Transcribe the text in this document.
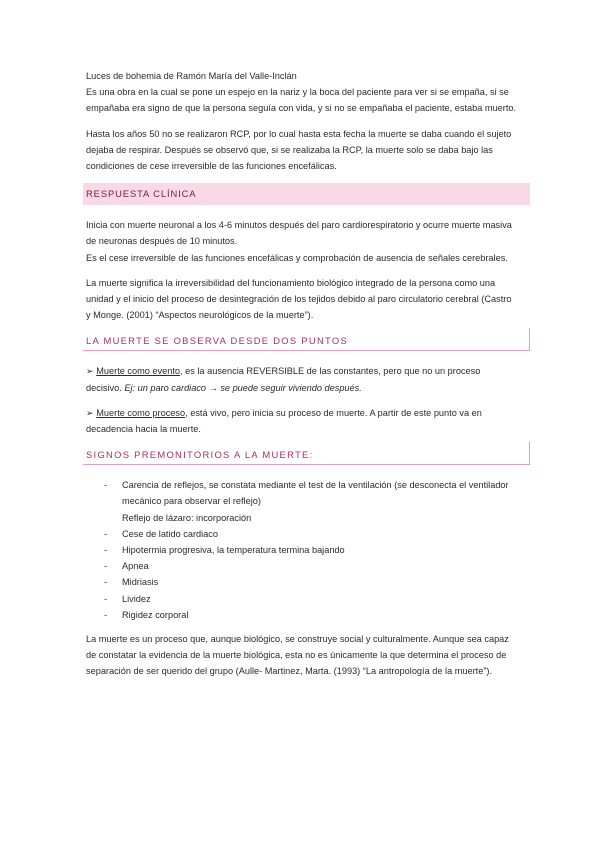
Luces de bohemia de Ramón María del Valle-Inclán

Es una obra en la cual se pone un espejo en la nariz y la boca del paciente para ver si se empaña, si se empañaba era signo de que la persona seguía con vida, y si no se empañaba el paciente, estaba muerto.

Hasta los años 50 no se realizaron RCP, por lo cual hasta esta fecha la muerte se daba cuando el sujeto dejaba de respirar. Después se observó que, si se realizaba la RCP, la muerte solo se daba bajo las condiciones de cese irreversible de las funciones encefálicas.

RESPUESTA CLÍNICA

Inicia con muerte neuronal a los 4-6 minutos después del paro cardiorespiratorio y ocurre muerte masiva de neuronas después de 10 minutos.

Es el cese irreversible de las funciones encefálicas y comprobación de ausencia de señales cerebrales.

La muerte significa la irreversibilidad del funcionamiento biológico integrado de la persona como una unidad y el inicio del proceso de desintegración de los tejidos debido al paro circulatorio cerebral (Castro y Monge. (2001) “Aspectos neurológicos de la muerte”).

LA MUERTE SE OBSERVA DESDE DOS PUNTOS

➢ Muerte como evento, es la ausencia REVERSIBLE de las constantes, pero que no un proceso decisivo. Ej: un paro cardiaco → se puede seguir viviendo después.

➢ Muerte como proceso, está vivo, pero inicia su proceso de muerte. A partir de este punto va en decadencia hacia la muerte.

SIGNOS PREMONITORIOS A LA MUERTE:
- Carencia de reflejos, se constata mediante el test de la ventilación (se desconecta el ventilador mecánico para observar el reflejo)
Reflejo de lázaro: incorporación
- Cese de latido cardiaco
- Hipotermia progresiva, la temperatura termina bajando
- Apnea
- Midriasis
- Lividez
- Rigidez corporal

La muerte es un proceso que, aunque biológico, se construye social y culturalmente. Aunque sea capaz de constatar la evidencia de la muerte biológica, esta no es únicamente la que determina el proceso de separación de ser querido del grupo (Aulle- Martinez, Marta. (1993) “La antropología de la muerte”).
